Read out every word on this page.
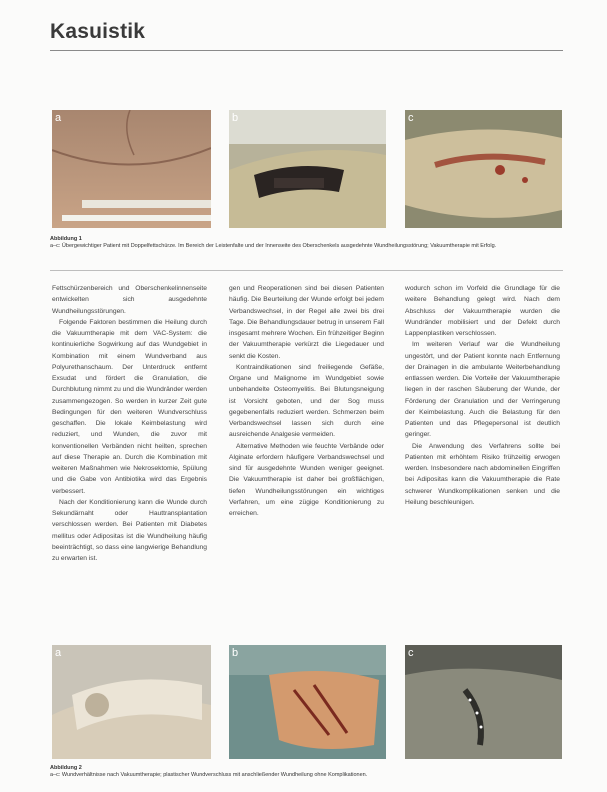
Kasuistik
a	b	c
Abbildung 1
a–c: Übergewichtiger Patient mit Doppelfettschürze. Im Bereich der Leistenfalte und der Innenseite des Oberschenkels ausgedehnte Wundheilungsstörung; Vakuumtherapie mit Erfolg.

Fettschürzenbereich und Oberschenkelinnenseite entwickelten sich ausgedehnte Wundheilungsstörungen.

Folgende Faktoren bestimmen die Heilung durch die Vakuumtherapie mit dem VAC-System: die kontinuierliche Sogwirkung auf das Wundgebiet in Kombination mit einem Wundverband aus Polyurethanschaum. Der Unterdruck entfernt Exsudat und fördert die Granulation, die Durchblutung nimmt zu und die Wundränder werden zusammengezogen. So werden in kurzer Zeit gute Bedingungen für den weiteren Wundverschluss geschaffen. Die lokale Keimbelastung wird reduziert, und Wunden, die zuvor mit konventionellen Verbänden nicht heilten, sprechen auf diese Therapie an. Durch die Kombination mit weiteren Maßnahmen wie Nekrosektomie, Spülung und die Gabe von Antibiotika wird das Ergebnis verbessert.

Nach der Konditionierung kann die Wunde durch Sekundärnaht oder Hauttransplantation verschlossen werden. Bei Patienten mit Diabetes mellitus oder Adipositas ist die Wundheilung häufig beeinträchtigt, so dass eine langwierige Behandlung zu erwarten ist.

gen und Reoperationen sind bei diesen Patienten häufig. Die Beurteilung der Wunde erfolgt bei jedem Verbandswechsel, in der Regel alle zwei bis drei Tage. Die Behandlungsdauer betrug in unserem Fall insgesamt mehrere Wochen. Ein frühzeitiger Beginn der Vakuumtherapie verkürzt die Liegedauer und senkt die Kosten.

Kontraindikationen sind freiliegende Gefäße, Organe und Malignome im Wundgebiet sowie unbehandelte Osteomyelitis. Bei Blutungsneigung ist Vorsicht geboten, und der Sog muss gegebenenfalls reduziert werden. Schmerzen beim Verbandswechsel lassen sich durch eine ausreichende Analgesie vermeiden.

Alternative Methoden wie feuchte Verbände oder Alginate erfordern häufigere Verbandswechsel und sind für ausgedehnte Wunden weniger geeignet. Die Vakuumtherapie ist daher bei großflächigen, tiefen Wundheilungsstörungen ein wichtiges Verfahren, um eine zügige Konditionierung zu erreichen.

wodurch schon im Vorfeld die Grundlage für die weitere Behandlung gelegt wird. Nach dem Abschluss der Vakuumtherapie wurden die Wundränder mobilisiert und der Defekt durch Lappenplastiken verschlossen.

Im weiteren Verlauf war die Wundheilung ungestört, und der Patient konnte nach Entfernung der Drainagen in die ambulante Weiterbehandlung entlassen werden. Die Vorteile der Vakuumtherapie liegen in der raschen Säuberung der Wunde, der Förderung der Granulation und der Verringerung der Keimbelastung. Auch die Belastung für den Patienten und das Pflegepersonal ist deutlich geringer.

Die Anwendung des Verfahrens sollte bei Patienten mit erhöhtem Risiko frühzeitig erwogen werden. Insbesondere nach abdominellen Eingriffen bei Adipositas kann die Vakuumtherapie die Rate schwerer Wundkomplikationen senken und die Heilung beschleunigen.

a	b	c
Abbildung 2
a–c: Wundverhältnisse nach Vakuumtherapie; plastischer Wundverschluss mit anschließender Wundheilung ohne Komplikationen.
